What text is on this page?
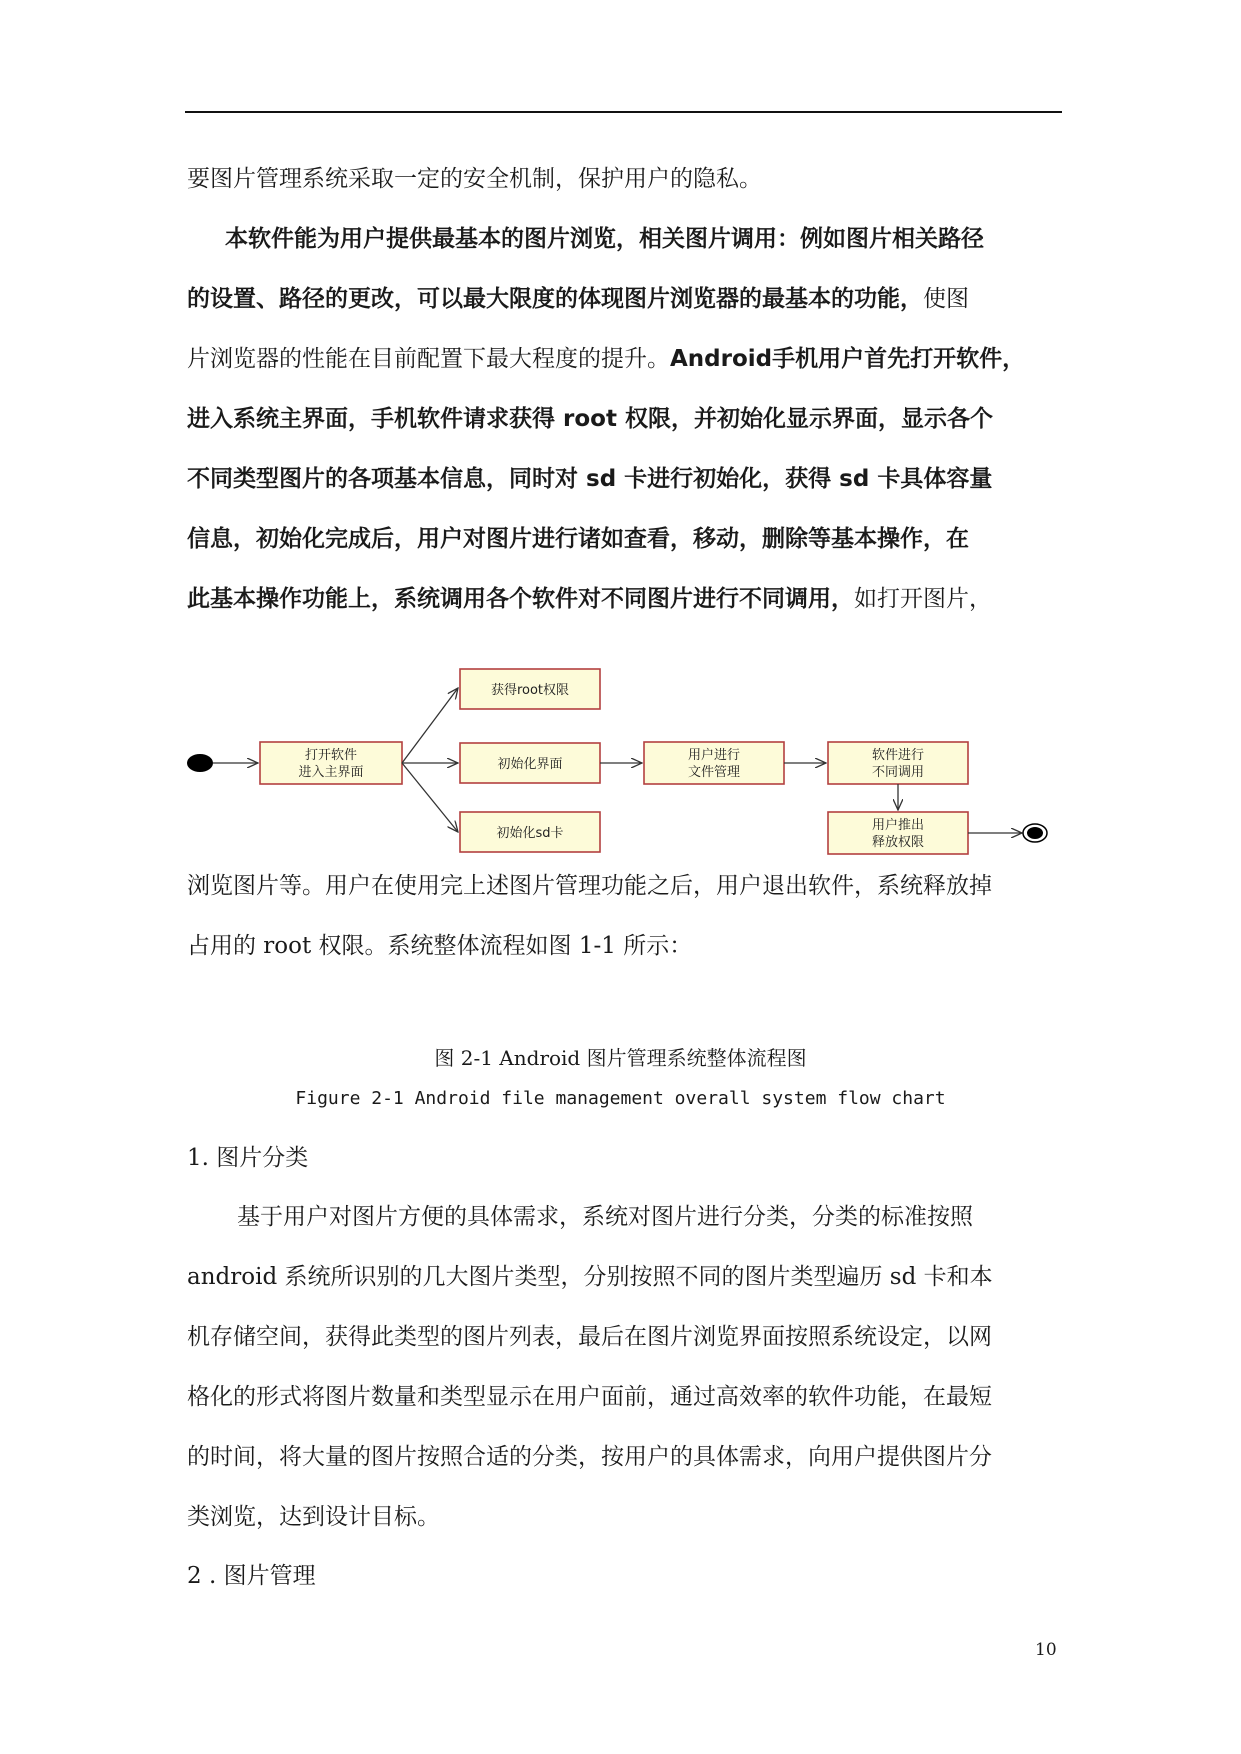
要图片管理系统采取一定的安全机制，保护用户的隐私。
本软件能为用户提供最基本的图片浏览，相关图片调用：例如图片相关路径
的设置、路径的更改，可以最大限度的体现图片浏览器的最基本的功能，使图
片浏览器的性能在目前配置下最大程度的提升。Android手机用户首先打开软件，
进入系统主界面，手机软件请求获得 root 权限，并初始化显示界面，显示各个
不同类型图片的各项基本信息，同时对 sd 卡进行初始化，获得 sd 卡具体容量
信息，初始化完成后，用户对图片进行诸如查看，移动，删除等基本操作，在
此基本操作功能上，系统调用各个软件对不同图片进行不同调用，如打开图片，
打开软件
进入主界面
获得root权限
初始化界面
初始化sd卡
用户进行
文件管理
软件进行
不同调用
用户推出
释放权限
浏览图片等。用户在使用完上述图片管理功能之后，用户退出软件，系统释放掉
占用的 root 权限。系统整体流程如图 1-1 所示：
图 2-1 Android 图片管理系统整体流程图
Figure 2-1 Android file management overall system flow chart
1. 图片分类
基于用户对图片方便的具体需求，系统对图片进行分类，分类的标准按照
android 系统所识别的几大图片类型，分别按照不同的图片类型遍历 sd 卡和本
机存储空间，获得此类型的图片列表，最后在图片浏览界面按照系统设定，以网
格化的形式将图片数量和类型显示在用户面前，通过高效率的软件功能，在最短
的时间，将大量的图片按照合适的分类，按用户的具体需求，向用户提供图片分
类浏览，达到设计目标。
2 . 图片管理
10
